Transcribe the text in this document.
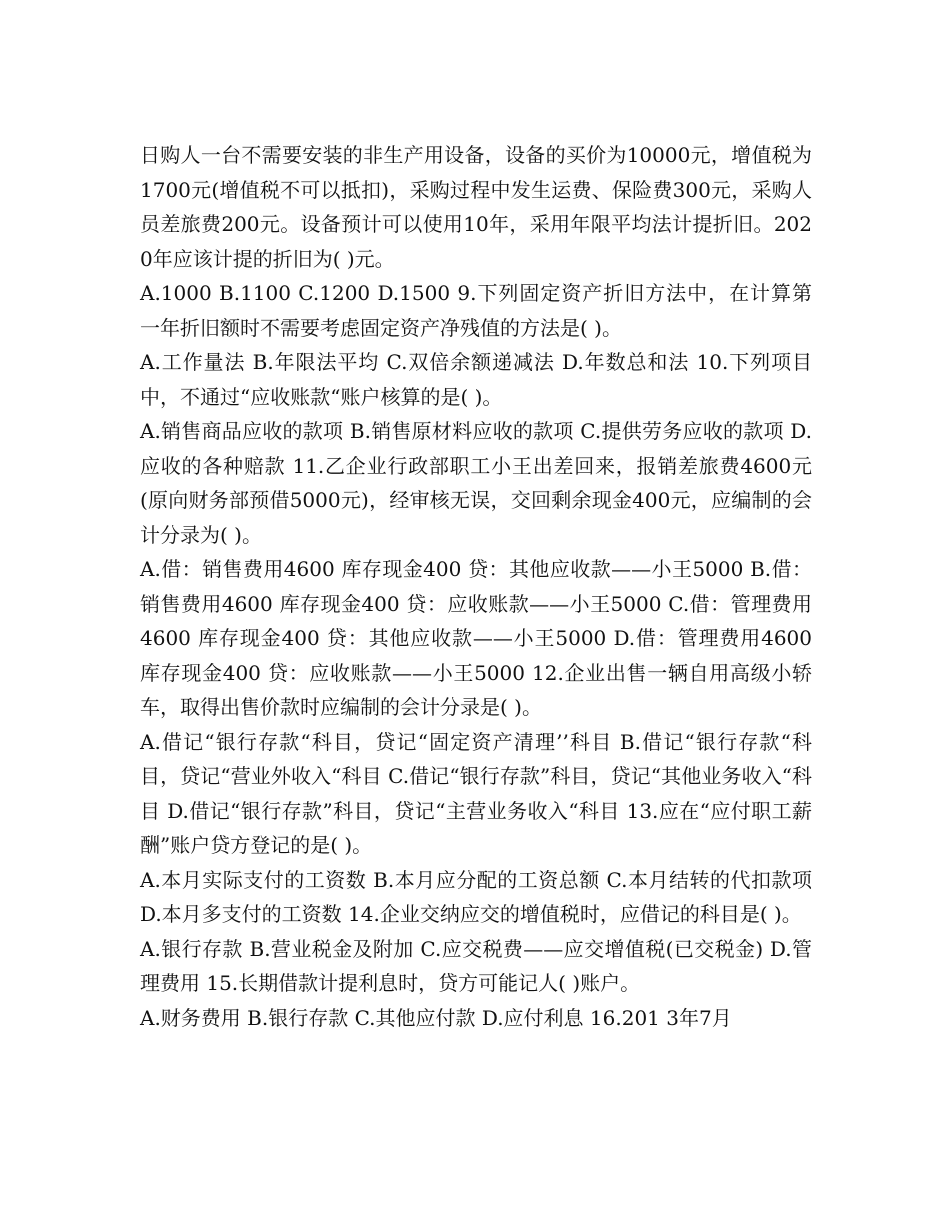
日购人一台不需要安装的非生产用设备，设备的买价为10000元，增值税为1700元(增值税不可以抵扣)，采购过程中发生运费、保险费300元，采购人员差旅费200元。设备预计可以使用10年，采用年限平均法计提折旧。2020年应该计提的折旧为( )元。

A.1000 B.1100 C.1200 D.1500 9.下列固定资产折旧方法中，在计算第一年折旧额时不需要考虑固定资产净残值的方法是( )。

A.工作量法 B.年限法平均 C.双倍余额递减法 D.年数总和法 10.下列项目中，不通过“应收账款“账户核算的是( )。

A.销售商品应收的款项 B.销售原材料应收的款项 C.提供劳务应收的款项 D.应收的各种赔款 11.乙企业行政部职工小王出差回来，报销差旅费4600元(原向财务部预借5000元)，经审核无误，交回剩余现金400元，应编制的会计分录为( )。

A.借：销售费用4600 库存现金400 贷：其他应收款——小王5000 B.借：销售费用4600 库存现金400 贷：应收账款——小王5000 C.借：管理费用4600 库存现金400 贷：其他应收款——小王5000 D.借：管理费用4600 库存现金400 贷：应收账款——小王5000 12.企业出售一辆自用高级小轿车，取得出售价款时应编制的会计分录是( )。

A.借记“银行存款“科目，贷记“固定资产清理’’科目 B.借记“银行存款“科目，贷记“营业外收入“科目 C.借记“银行存款”科目，贷记“其他业务收入“科目 D.借记“银行存款”科目，贷记“主营业务收入“科目 13.应在“应付职工薪酬”账户贷方登记的是( )。

A.本月实际支付的工资数 B.本月应分配的工资总额 C.本月结转的代扣款项 D.本月多支付的工资数 14.企业交纳应交的增值税时，应借记的科目是( )。

A.银行存款 B.营业税金及附加 C.应交税费——应交增值税(已交税金) D.管理费用 15.长期借款计提利息时，贷方可能记人( )账户。

A.财务费用 B.银行存款 C.其他应付款 D.应付利息 16.201 3年7月
